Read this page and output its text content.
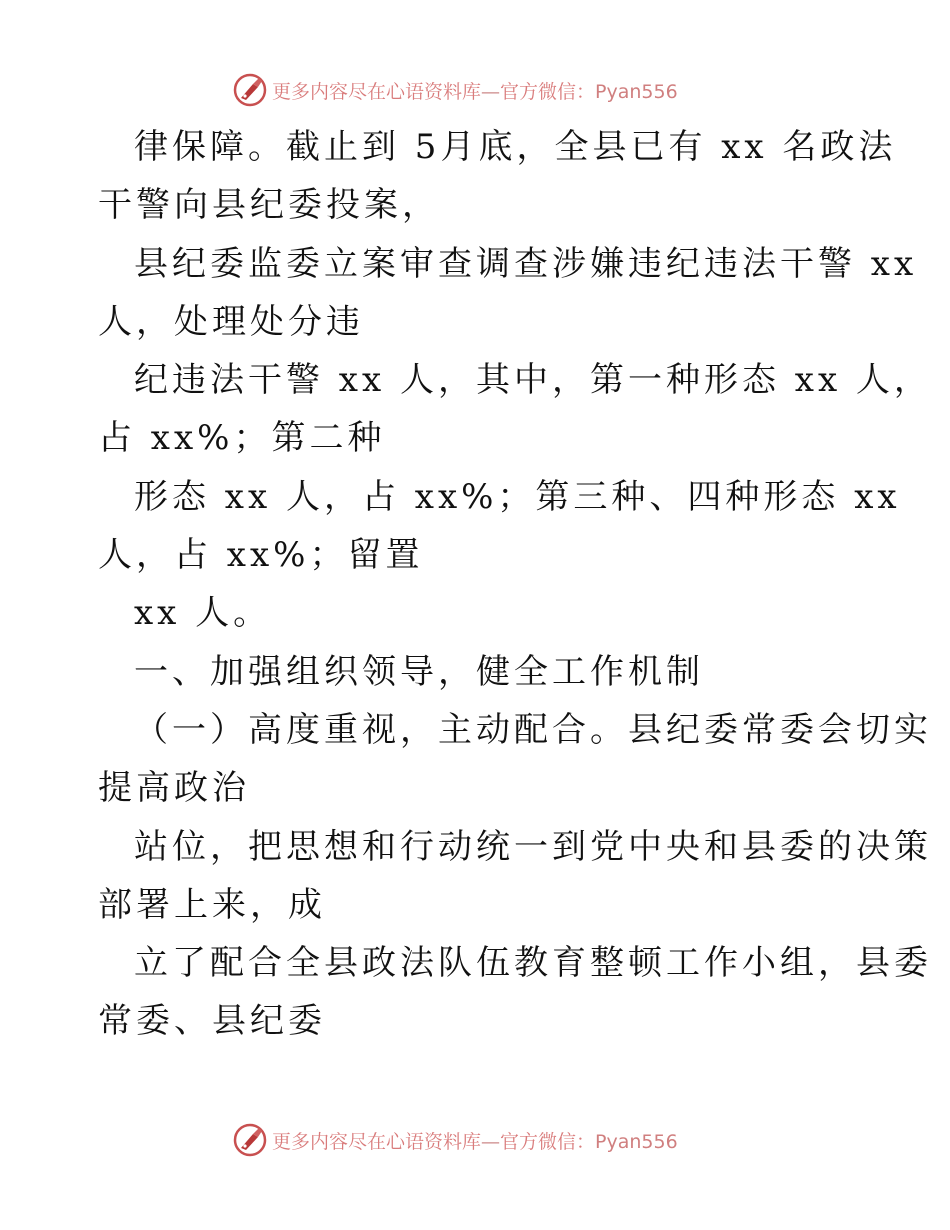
更多内容尽在心语资料库—官方微信：Pyan556
律保障。截止到 5月底，全县已有 xx 名政法
干警向县纪委投案，
县纪委监委立案审查调查涉嫌违纪违法干警 xx
人，处理处分违
纪违法干警 xx 人，其中，第一种形态 xx 人，
占 xx%；第二种
形态 xx 人，占 xx%；第三种、四种形态 xx
人，占 xx%；留置
xx 人。
一、加强组织领导，健全工作机制
（一）高度重视，主动配合。县纪委常委会切实
提高政治
站位，把思想和行动统一到党中央和县委的决策
部署上来，成
立了配合全县政法队伍教育整顿工作小组，县委
常委、县纪委
更多内容尽在心语资料库—官方微信：Pyan556
